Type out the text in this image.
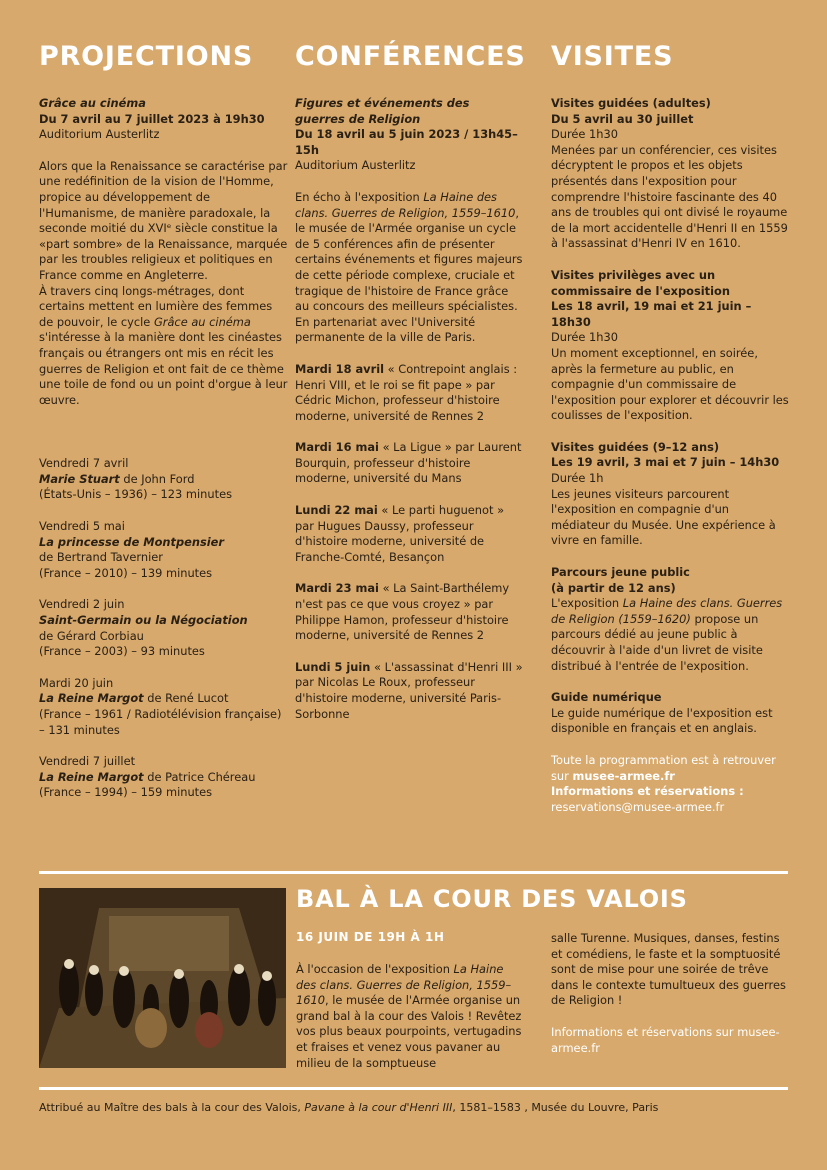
PROJECTIONS

Grâce au cinéma

Du 7 avril au 7 juillet 2023 à 19h30

Auditorium Austerlitz

Alors que la Renaissance se caractérise par une redéfinition de la vision de l'Homme, propice au développement de l'Humanisme, de manière paradoxale, la seconde moitié du XVIᵉ siècle constitue la «part sombre» de la Renaissance, marquée par les troubles religieux et politiques en France comme en Angleterre.

À travers cinq longs-métrages, dont certains mettent en lumière des femmes de pouvoir, le cycle Grâce au cinéma s'intéresse à la manière dont les cinéastes français ou étrangers ont mis en récit les guerres de Religion et ont fait de ce thème une toile de fond ou un point d'orgue à leur œuvre.

Vendredi 7 avril

Marie Stuart de John Ford

(États-Unis – 1936) – 123 minutes

Vendredi 5 mai

La princesse de Montpensier

de Bertrand Tavernier

(France – 2010) – 139 minutes

Vendredi 2 juin

Saint-Germain ou la Négociation

de Gérard Corbiau

(France – 2003) – 93 minutes

Mardi 20 juin

La Reine Margot de René Lucot

(France – 1961 / Radiotélévision française) – 131 minutes

Vendredi 7 juillet

La Reine Margot de Patrice Chéreau

(France – 1994) – 159 minutes

CONFÉRENCES

Figures et événements des guerres de Religion

Du 18 avril au 5 juin 2023 / 13h45–15h

Auditorium Austerlitz

En écho à l'exposition La Haine des clans. Guerres de Religion, 1559–1610, le musée de l'Armée organise un cycle de 5 conférences afin de présenter certains événements et figures majeurs de cette période complexe, cruciale et tragique de l'histoire de France grâce au concours des meilleurs spécialistes.

En partenariat avec l'Université permanente de la ville de Paris.

Mardi 18 avril « Contrepoint anglais : Henri VIII, et le roi se fit pape » par Cédric Michon, professeur d'histoire moderne, université de Rennes 2

Mardi 16 mai « La Ligue » par Laurent Bourquin, professeur d'histoire moderne, université du Mans

Lundi 22 mai « Le parti huguenot » par Hugues Daussy, professeur d'histoire moderne, université de Franche-Comté, Besançon

Mardi 23 mai « La Saint-Barthélemy n'est pas ce que vous croyez » par Philippe Hamon, professeur d'histoire moderne, université de Rennes 2

Lundi 5 juin « L'assassinat d'Henri III » par Nicolas Le Roux, professeur d'histoire moderne, université Paris-Sorbonne

VISITES

Visites guidées (adultes)

Du 5 avril au 30 juillet

Durée 1h30

Menées par un conférencier, ces visites décryptent le propos et les objets présentés dans l'exposition pour comprendre l'histoire fascinante des 40 ans de troubles qui ont divisé le royaume de la mort accidentelle d'Henri II en 1559 à l'assassinat d'Henri IV en 1610.

Visites privilèges avec un commissaire de l'exposition

Les 18 avril, 19 mai et 21 juin – 18h30

Durée 1h30

Un moment exceptionnel, en soirée, après la fermeture au public, en compagnie d'un commissaire de l'exposition pour explorer et découvrir les coulisses de l'exposition.

Visites guidées (9–12 ans)

Les 19 avril, 3 mai et 7 juin – 14h30

Durée 1h

Les jeunes visiteurs parcourent l'exposition en compagnie d'un médiateur du Musée. Une expérience à vivre en famille.

Parcours jeune public

(à partir de 12 ans)

L'exposition La Haine des clans. Guerres de Religion (1559–1620) propose un parcours dédié au jeune public à découvrir à l'aide d'un livret de visite distribué à l'entrée de l'exposition.

Guide numérique

Le guide numérique de l'exposition est disponible en français et en anglais.

Toute la programmation est à retrouver sur musee-armee.fr

Informations et réservations :

reservations@musee-armee.fr

BAL À LA COUR DES VALOIS
16 JUIN DE 19H À 1H
À l'occasion de l'exposition La Haine des clans. Guerres de Religion, 1559–1610, le musée de l'Armée organise un grand bal à la cour des Valois ! Revêtez vos plus beaux pourpoints, vertugadins et fraises et venez vous pavaner au milieu de la somptueuse

salle Turenne. Musiques, danses, festins et comédiens, le faste et la somptuosité sont de mise pour une soirée de trêve dans le contexte tumultueux des guerres de Religion !

Informations et réservations sur musee-armee.fr

Attribué au Maître des bals à la cour des Valois, Pavane à la cour d'Henri III, 1581–1583 , Musée du Louvre, Paris
